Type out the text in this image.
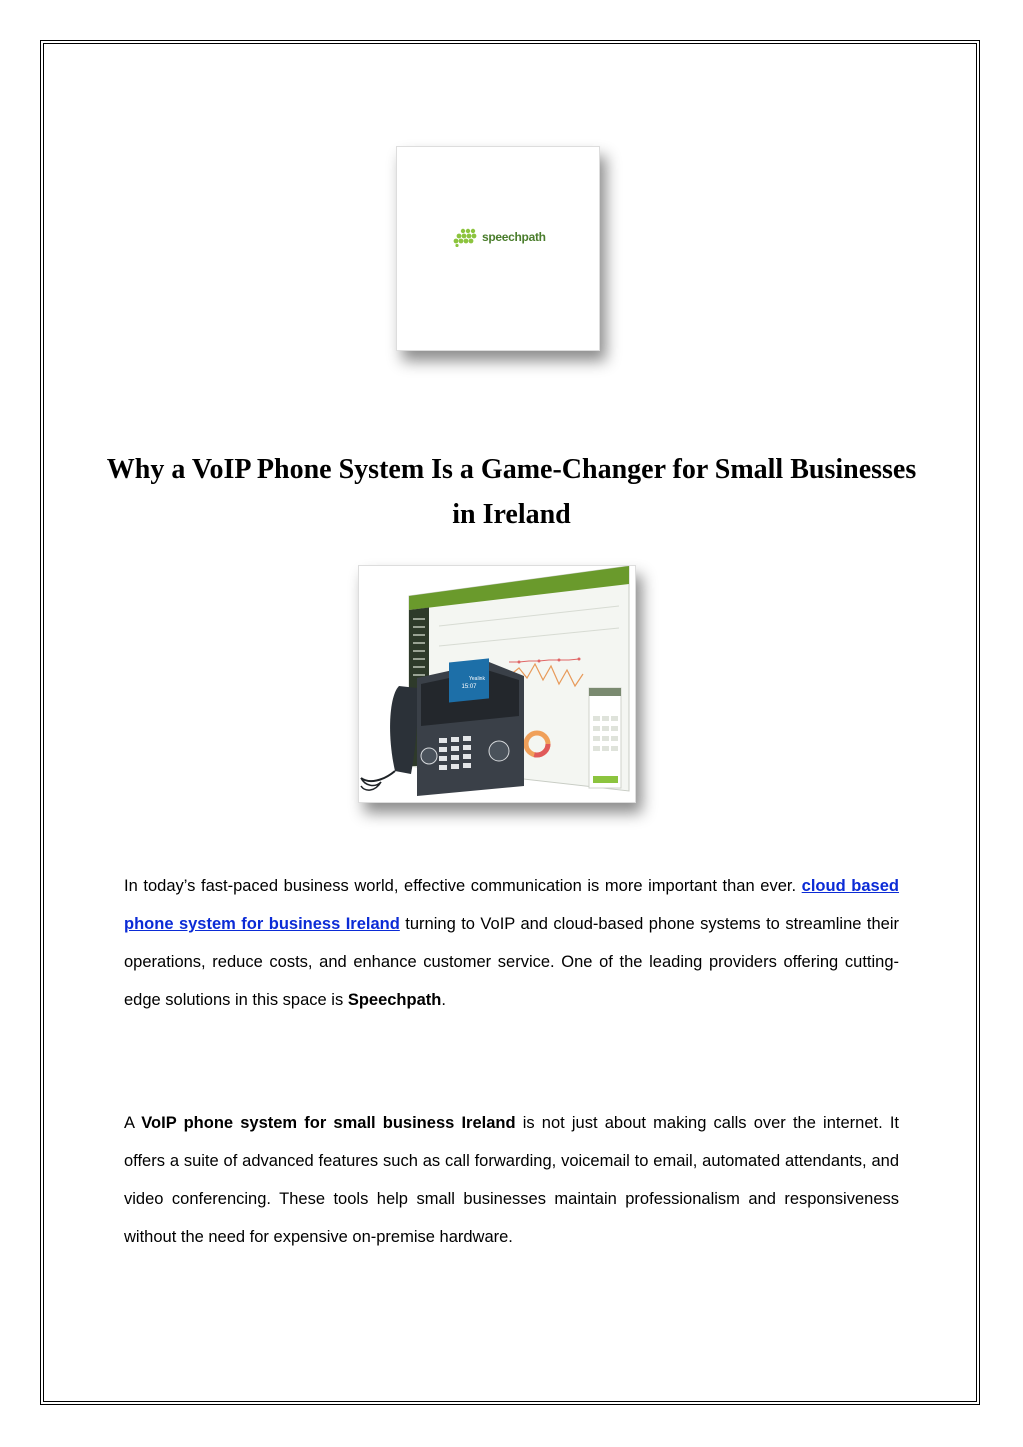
speechpath
Why a VoIP Phone System Is a Game-Changer for Small Businesses in Ireland
15:07
Yealink

In today’s fast-paced business world, effective communication is more important than ever. cloud based phone system for business Ireland turning to VoIP and cloud-based phone systems to streamline their operations, reduce costs, and enhance customer service. One of the leading providers offering cutting-edge solutions in this space is Speechpath.

A VoIP phone system for small business Ireland is not just about making calls over the internet. It offers a suite of advanced features such as call forwarding, voicemail to email, automated attendants, and video conferencing. These tools help small businesses maintain professionalism and responsiveness without the need for expensive on-premise hardware.
